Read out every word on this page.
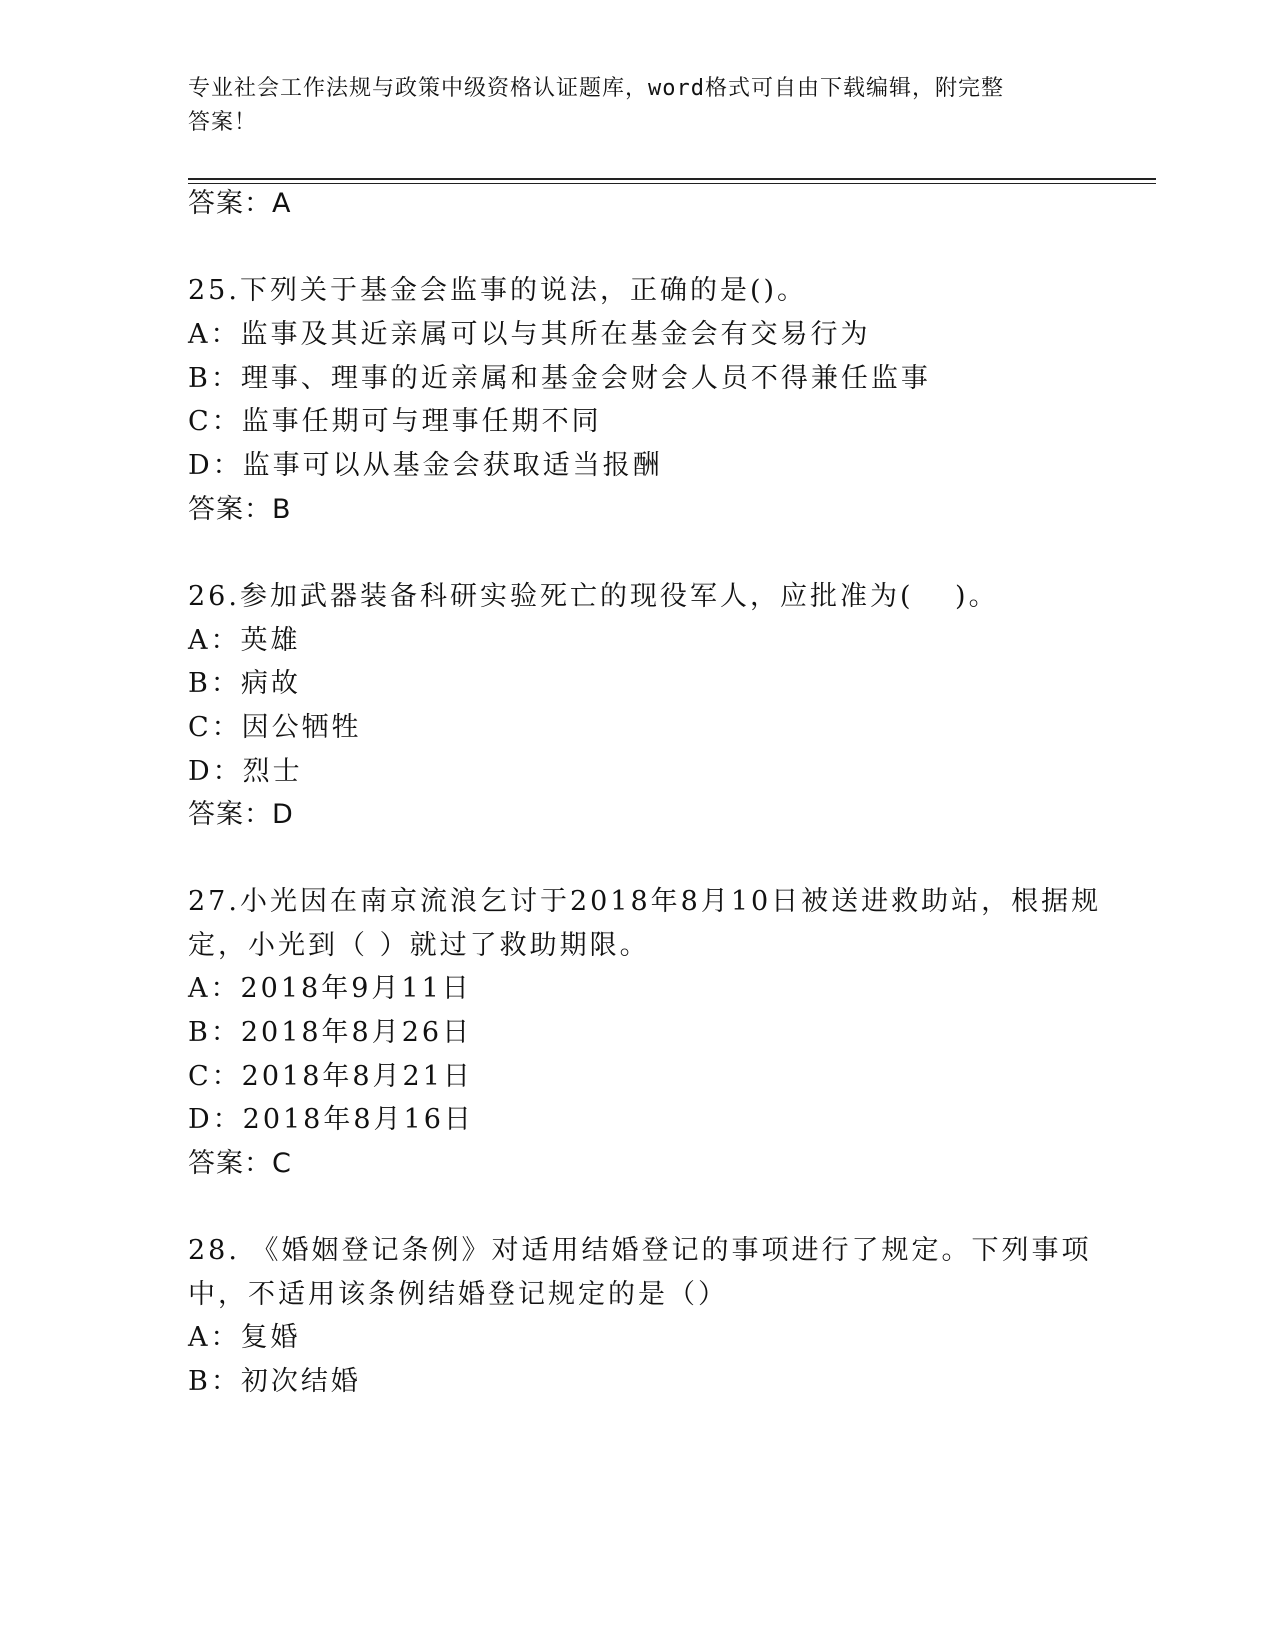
专业社会工作法规与政策中级资格认证题库，word格式可自由下载编辑，附完整
答案！
答案：A
25.下列关于基金会监事的说法，正确的是()。
A：监事及其近亲属可以与其所在基金会有交易行为
B：理事、理事的近亲属和基金会财会人员不得兼任监事
C：监事任期可与理事任期不同
D：监事可以从基金会获取适当报酬
答案：B
26.参加武器装备科研实验死亡的现役军人，应批准为(　 )。
A：英雄
B：病故
C：因公牺牲
D：烈士
答案：D
27.小光因在南京流浪乞讨于2018年8月10日被送进救助站，根据规
定，小光到（ ）就过了救助期限。
A：2018年9月11日
B：2018年8月26日
C：2018年8月21日
D：2018年8月16日
答案：C
28. 《婚姻登记条例》对适用结婚登记的事项进行了规定。下列事项
中，不适用该条例结婚登记规定的是（）
A：复婚
B：初次结婚
